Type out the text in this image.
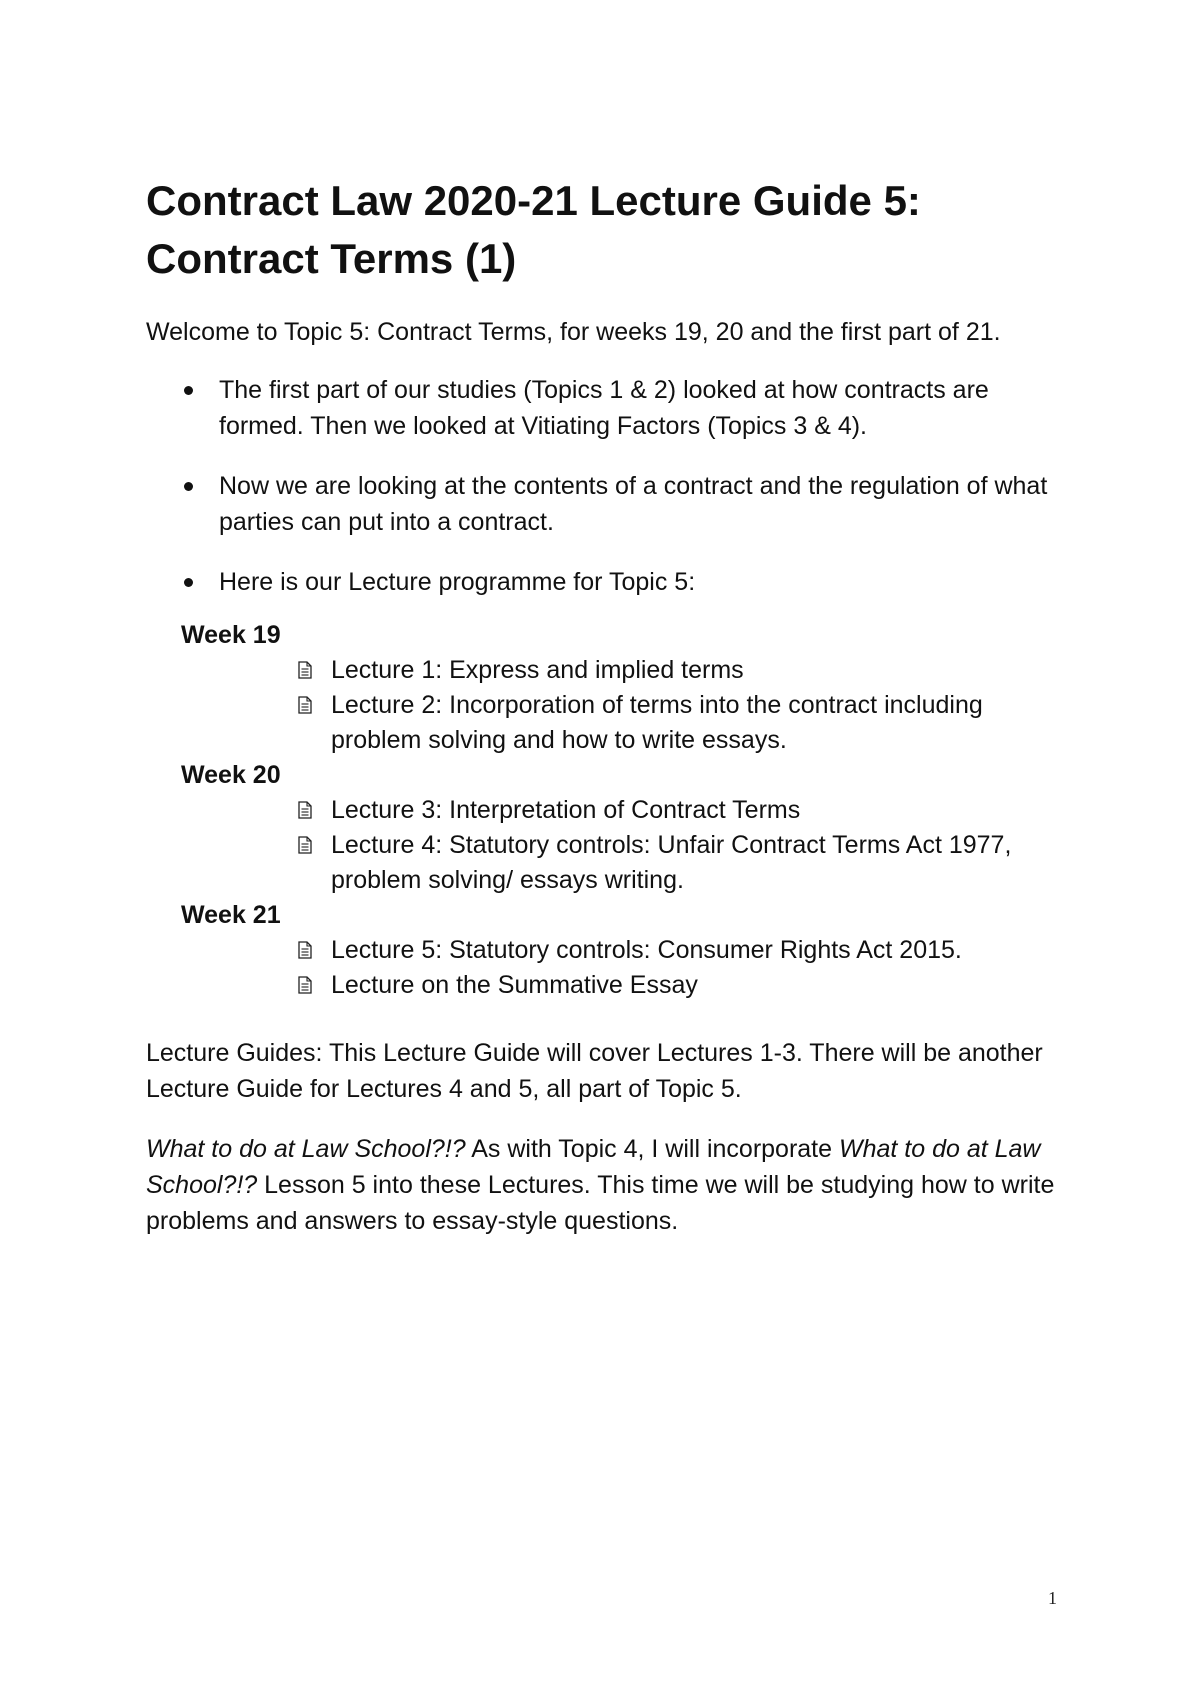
Contract Law 2020-21 Lecture Guide 5:
Contract Terms (1)

Welcome to Topic 5: Contract Terms, for weeks 19, 20 and the first part of 21.

The first part of our studies (Topics 1 & 2) looked at how contracts are formed. Then we looked at Vitiating Factors (Topics 3 & 4).
Now we are looking at the contents of a contract and the regulation of what parties can put into a contract.
Here is our Lecture programme for Topic 5:
Week 19
Lecture 1: Express and implied terms
Lecture 2: Incorporation of terms into the contract including problem solving and how to write essays.
Week 20
Lecture 3: Interpretation of Contract Terms
Lecture 4: Statutory controls: Unfair Contract Terms Act 1977, problem solving/ essays writing.
Week 21
Lecture 5: Statutory controls: Consumer Rights Act 2015.
Lecture on the Summative Essay

Lecture Guides: This Lecture Guide will cover Lectures 1-3. There will be another Lecture Guide for Lectures 4 and 5, all part of Topic 5.

What to do at Law School?!? As with Topic 4, I will incorporate What to do at Law School?!? Lesson 5 into these Lectures. This time we will be studying how to write problems and answers to essay-style questions.

1
